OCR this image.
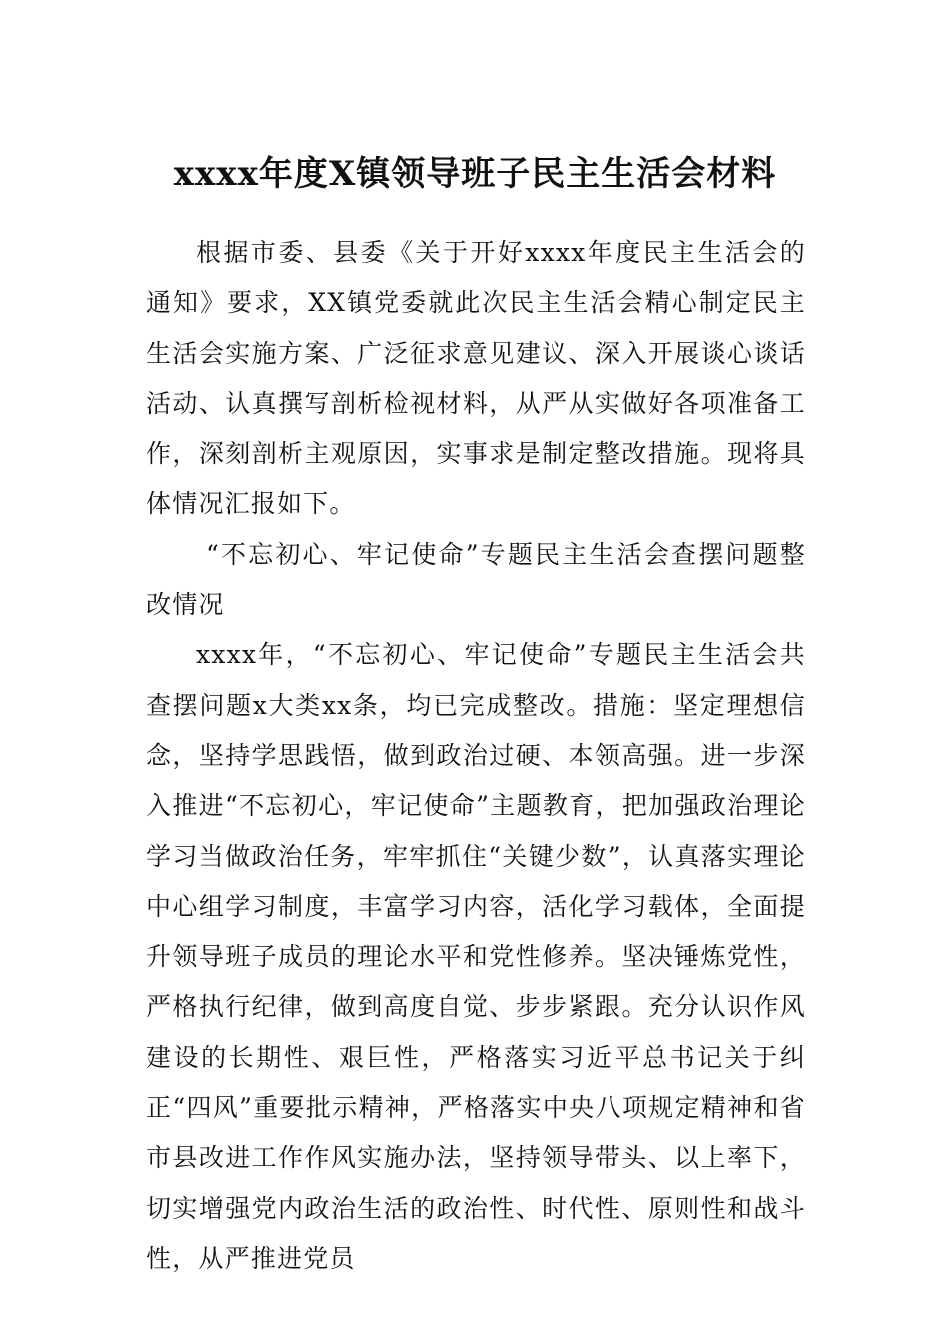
xxxx年度X镇领导班子民主生活会材料

根据市委、县委《关于开好xxxx年度民主生活会的通知》要求，XX镇党委就此次民主生活会精心制定民主生活会实施方案、广泛征求意见建议、深入开展谈心谈话活动、认真撰写剖析检视材料，从严从实做好各项准备工作，深刻剖析主观原因，实事求是制定整改措施。现将具体情况汇报如下。

“不忘初心、牢记使命”专题民主生活会查摆问题整改情况

xxxx年，“不忘初心、牢记使命”专题民主生活会共查摆问题x大类xx条，均已完成整改。措施：坚定理想信念，坚持学思践悟，做到政治过硬、本领高强。进一步深入推进“不忘初心，牢记使命”主题教育，把加强政治理论学习当做政治任务，牢牢抓住“关键少数”，认真落实理论中心组学习制度，丰富学习内容，活化学习载体，全面提升领导班子成员的理论水平和党性修养。坚决锤炼党性，严格执行纪律，做到高度自觉、步步紧跟。充分认识作风建设的长期性、艰巨性，严格落实习近平总书记关于纠正“四风”重要批示精神，严格落实中央八项规定精神和省市县改进工作作风实施办法，坚持领导带头、以上率下，切实增强党内政治生活的政治性、时代性、原则性和战斗性，从严推进党员
